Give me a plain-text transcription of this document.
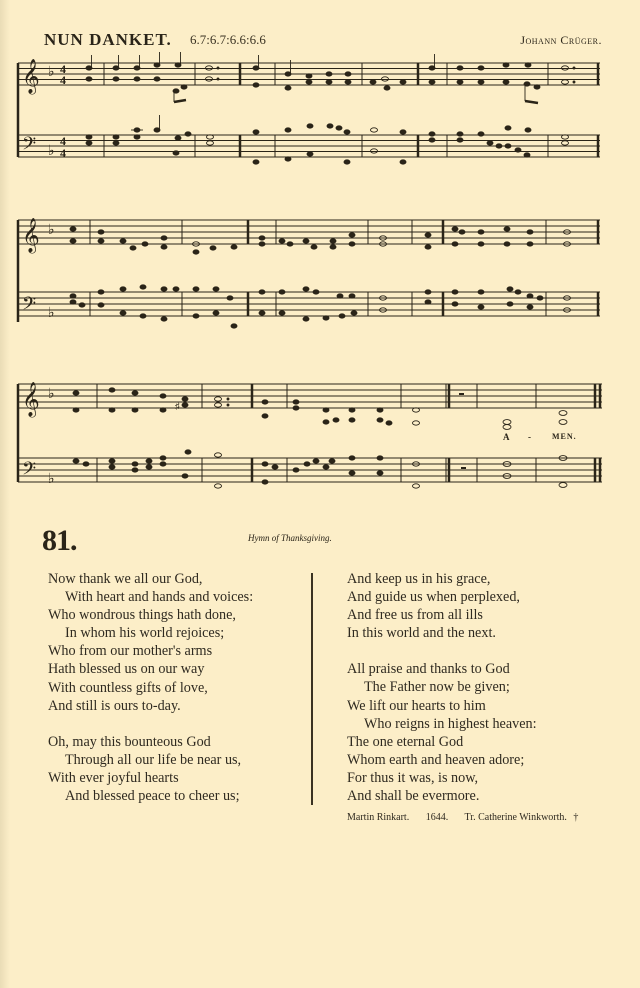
NUN DANKET. 6.7:6.7:6.6:6.6	Johann Crüger.
𝄞
𝄢
♭
♭
4
4
4
4
𝄞
𝄢
♭
♭
𝄞
𝄢
♭
♭
♯
A -	MEN.
81.	Hymn of Thanksgiving.
Now thank we all our God,
With heart and hands and voices:
Who wondrous things hath done,
In whom his world rejoices;
Who from our mother's arms
Hath blessed us on our way
With countless gifts of love,
And still is ours to-day.
Oh, may this bounteous God
Through all our life be near us,
With ever joyful hearts
And blessed peace to cheer us;
And keep us in his grace,
And guide us when perplexed,
And free us from all ills
In this world and the next.
All praise and thanks to God
The Father now be given;
We lift our hearts to him
Who reigns in highest heaven:
The one eternal God
Whom earth and heaven adore;
For thus it was, is now,
And shall be evermore.
Martin Rinkart. 1644. Tr. Catherine Winkworth. †
